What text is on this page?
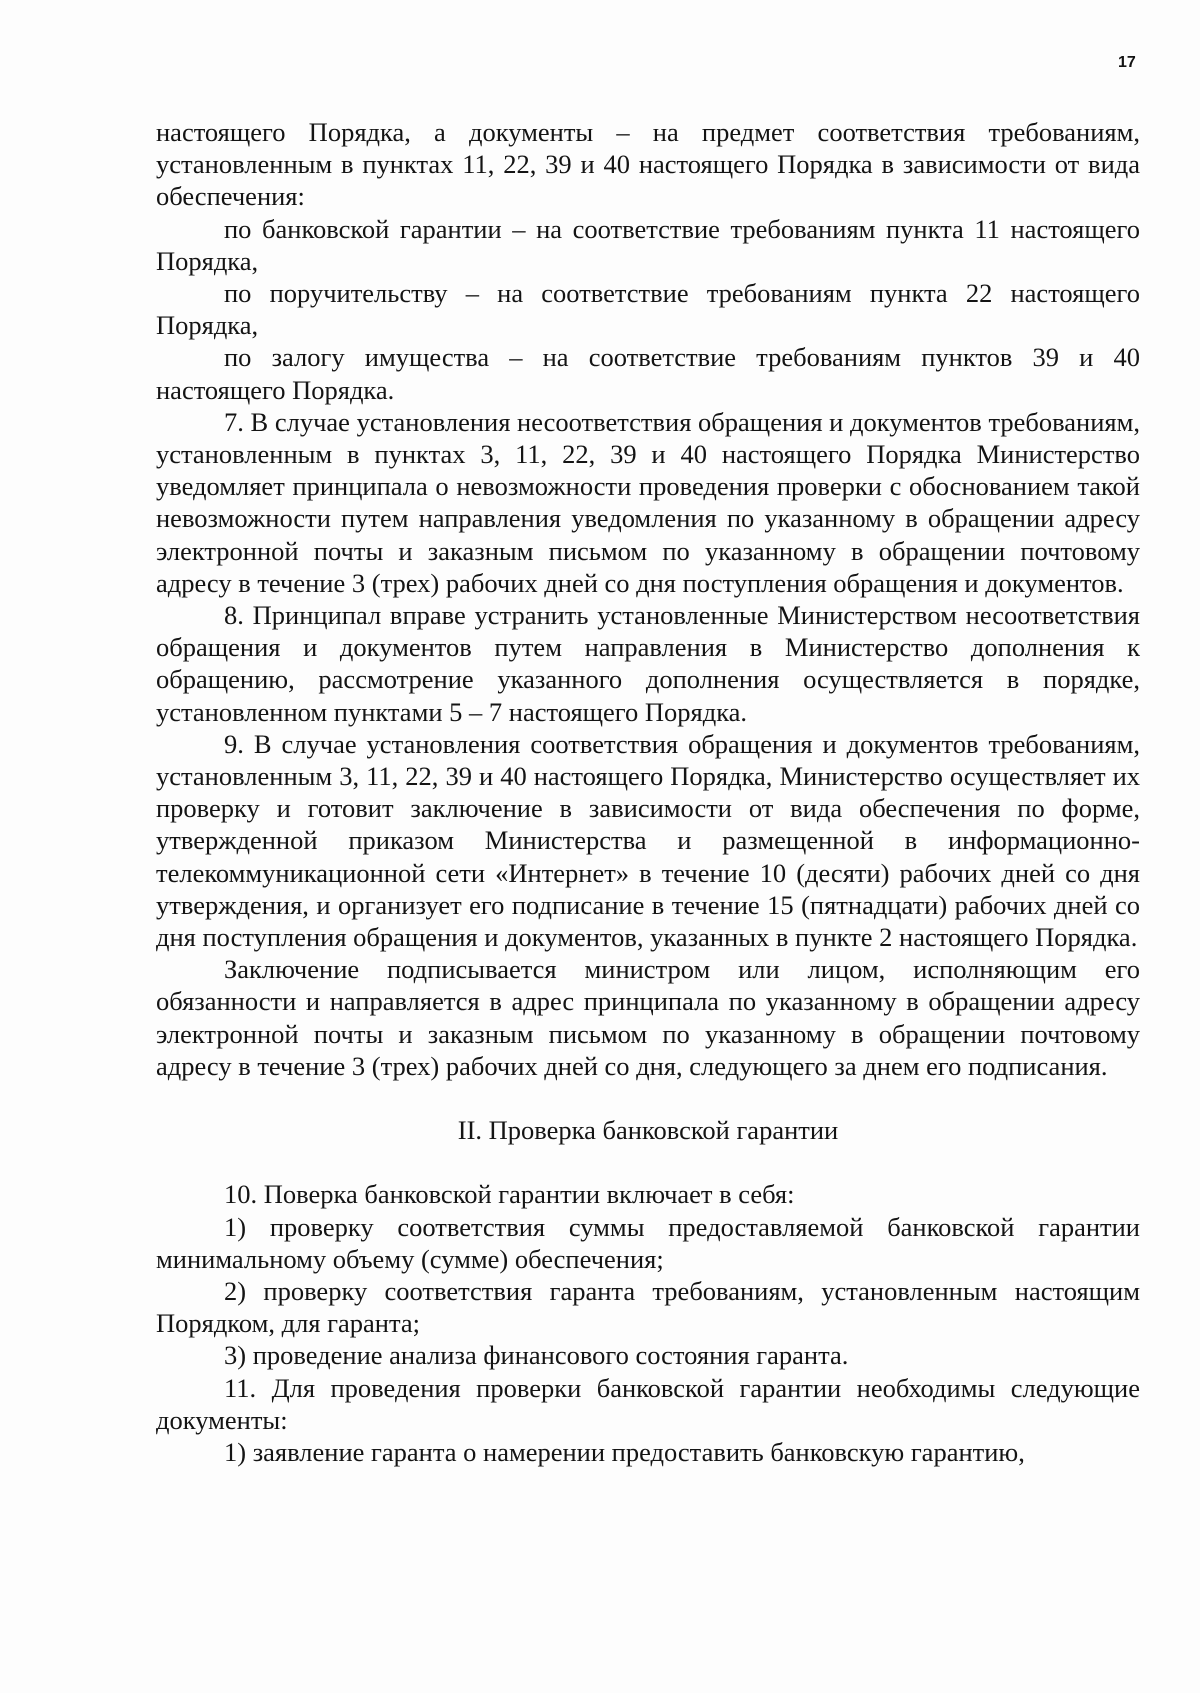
17

настоящего Порядка, а документы – на предмет соответствия требованиям, установленным в пунктах 11, 22, 39 и 40 настоящего Порядка в зависимости от вида обеспечения:

по банковской гарантии – на соответствие требованиям пункта 11 настоящего Порядка,

по поручительству – на соответствие требованиям пункта 22 настоящего Порядка,

по залогу имущества – на соответствие требованиям пунктов 39 и 40 настоящего Порядка.

7. В случае установления несоответствия обращения и документов требованиям, установленным в пунктах 3, 11, 22, 39 и 40 настоящего Порядка Министерство уведомляет принципала о невозможности проведения проверки с обоснованием такой невозможности путем направления уведомления по указанному в обращении адресу электронной почты и заказным письмом по указанному в обращении почтовому адресу в течение 3 (трех) рабочих дней со дня поступления обращения и документов.

8. Принципал вправе устранить установленные Министерством несоответствия обращения и документов путем направления в Министерство дополнения к обращению, рассмотрение указанного дополнения осуществляется в порядке, установленном пунктами 5 – 7 настоящего Порядка.

9. В случае установления соответствия обращения и документов требованиям, установленным 3, 11, 22, 39 и 40 настоящего Порядка, Министерство осуществляет их проверку и готовит заключение в зависимости от вида обеспечения по форме, утвержденной приказом Министерства и размещенной в информационно-телекоммуникационной сети «Интернет» в течение 10 (десяти) рабочих дней со дня утверждения, и организует его подписание в течение 15 (пятнадцати) рабочих дней со дня поступления обращения и документов, указанных в пункте 2 настоящего Порядка.

Заключение подписывается министром или лицом, исполняющим его обязанности и направляется в адрес принципала по указанному в обращении адресу электронной почты и заказным письмом по указанному в обращении почтовому адресу в течение 3 (трех) рабочих дней со дня, следующего за днем его подписания.

II. Проверка банковской гарантии

10. Поверка банковской гарантии включает в себя:

1) проверку соответствия суммы предоставляемой банковской гарантии минимальному объему (сумме) обеспечения;

2) проверку соответствия гаранта требованиям, установленным настоящим Порядком, для гаранта;

3) проведение анализа финансового состояния гаранта.

11. Для проведения проверки банковской гарантии необходимы следующие документы:

1) заявление гаранта о намерении предоставить банковскую гарантию,
